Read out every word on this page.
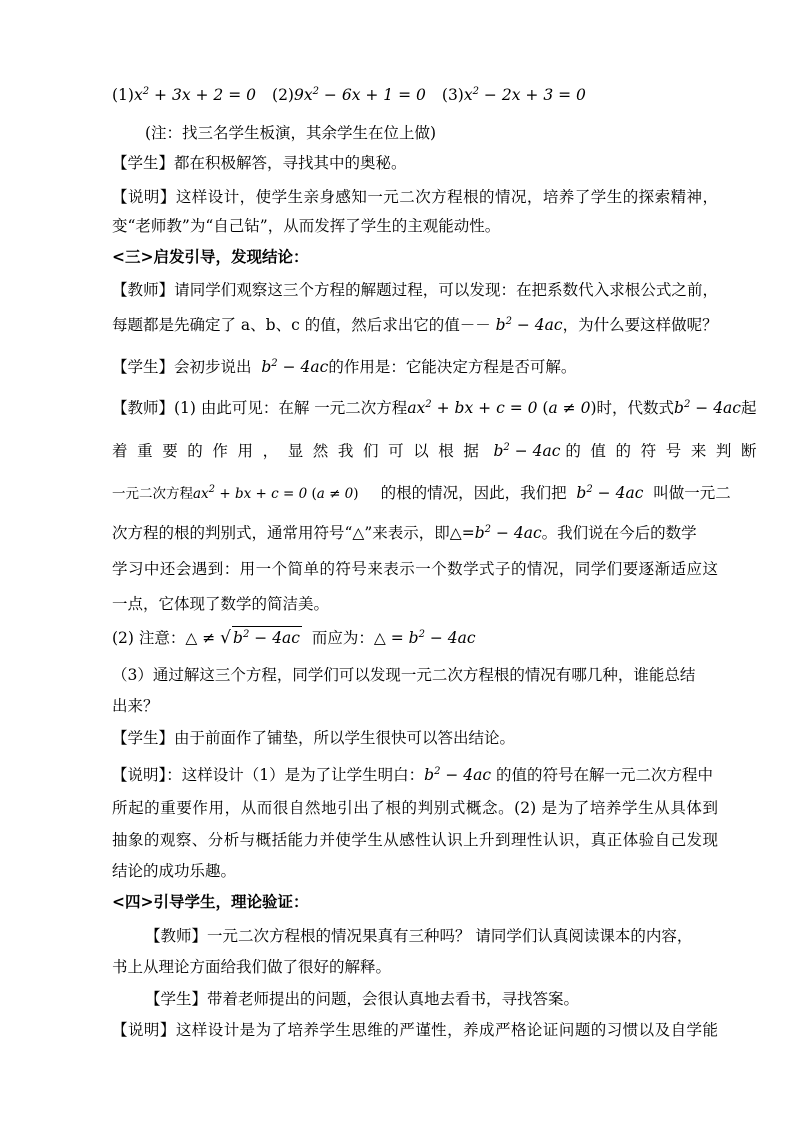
$(1)x^2 + 3x + 2 = 0$ $(2)9x^2 - 6x + 1 = 0$ $(3)x^2 - 2x + 3 = 0$
(注：找三名学生板演，其余学生在位上做)
【学生】都在积极解答，寻找其中的奥秘。
【说明】这样设计，使学生亲身感知一元二次方程根的情况，培养了学生的探索精神，
变“老师教”为“自己钻”，从而发挥了学生的主观能动性。
<三>启发引导，发现结论：
【教师】请同学们观察这三个方程的解题过程，可以发现：在把系数代入求根公式之前，
每题都是先确定了 a、b、c 的值，然后求出它的值－－ $b^2 - 4ac$，为什么要这样做呢？
【学生】会初步说出  $b^2 - 4ac$的作用是：它能决定方程是否可解。
【教师】(1) 由此可见：在解 一元二次方程$ax^2$ + bx + c = 0 (a ≠ 0)时，代数式$b^2 - 4ac$起
着重要的作用，显然我们可以根据 $b^2 - 4ac$ 的值的符号来判断
一元二次方程$ax^2$ + bx + c = 0 (a ≠ 0) 的根的情况，因此，我们把  $b^2 - 4ac$  叫做一元二
次方程的根的判别式，通常用符号“△”来表示，即$\triangle=b^2 - 4ac$。我们说在今后的数学
学习中还会遇到：用一个简单的符号来表示一个数学式子的情况，同学们要逐渐适应这
一点，它体现了数学的简洁美。
(2) 注意：△ ≠ √ $b^2 - 4ac$ 而应为：△ = $b^2 - 4ac$
（3）通过解这三个方程，同学们可以发现一元二次方程根的情况有哪几种，谁能总结
出来？
【学生】由于前面作了铺垫，所以学生很快可以答出结论。
【说明】：这样设计（1）是为了让学生明白：$b^2 - 4ac$ 的值的符号在解一元二次方程中
所起的重要作用，从而很自然地引出了根的判别式概念。(2) 是为了培养学生从具体到
抽象的观察、分析与概括能力并使学生从感性认识上升到理性认识，真正体验自己发现
结论的成功乐趣。
<四>引导学生，理论验证：
【教师】一元二次方程根的情况果真有三种吗？ 请同学们认真阅读课本的内容，
书上从理论方面给我们做了很好的解释。
【学生】带着老师提出的问题，会很认真地去看书，寻找答案。
【说明】这样设计是为了培养学生思维的严谨性，养成严格论证问题的习惯以及自学能
